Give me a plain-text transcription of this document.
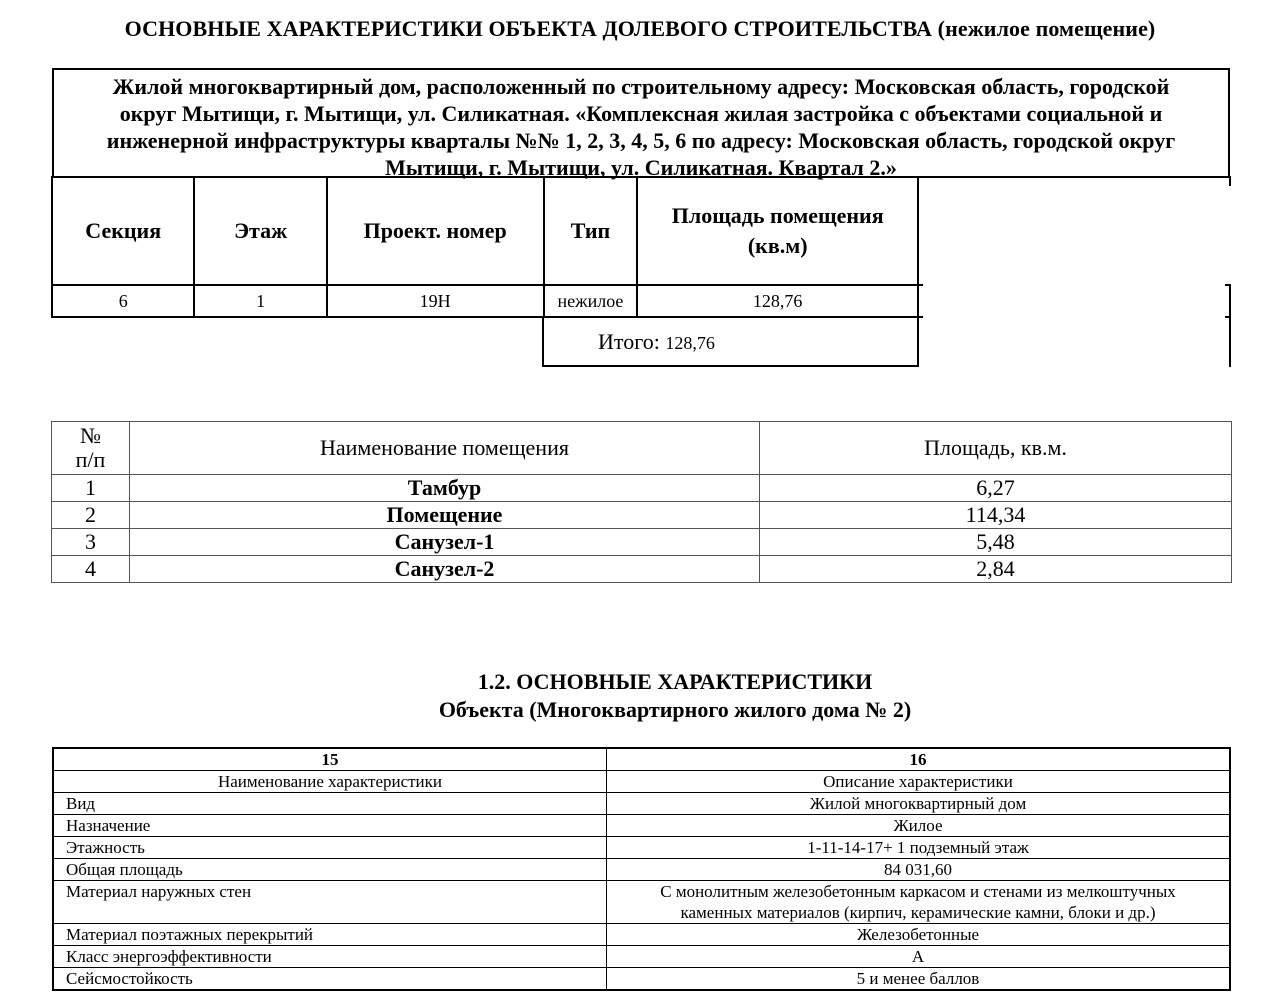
ОСНОВНЫЕ ХАРАКТЕРИСТИКИ ОБЪЕКТА ДОЛЕВОГО СТРОИТЕЛЬСТВА (нежилое помещение)
Жилой многоквартирный дом, расположенный по строительному адресу: Московская область, городской
округ Мытищи, г. Мытищи, ул. Силикатная. «Комплексная жилая застройка с объектами социальной и
инженерной инфраструктуры кварталы №№ 1, 2, 3, 4, 5, 6 по адресу: Московская область, городской округ
Мытищи, г. Мытищи, ул. Силикатная. Квартал 2.»
Секция	Этаж	Проект. номер	Тип	Площадь помещения
(кв.м)

6	1	19Н	нежилое	128,76
Итого: 128,76
№
п/п	Наименование помещения	Площадь, кв.м.
1	Тамбур	6,27
2	Помещение	114,34
3	Санузел-1	5,48
4	Санузел-2	2,84
1.2. ОСНОВНЫЕ ХАРАКТЕРИСТИКИ
Объекта (Многоквартирного жилого дома № 2)
15	16
Наименование характеристики	Описание характеристики
Вид	Жилой многоквартирный дом
Назначение	Жилое
Этажность	1-11-14-17+ 1 подземный этаж
Общая площадь	84 031,60
Материал наружных стен	С монолитным железобетонным каркасом и стенами из мелкоштучных
каменных материалов (кирпич, керамические камни, блоки и др.)

Материал поэтажных перекрытий	Железобетонные
Класс энергоэффективности	А
Сейсмостойкость	5 и менее баллов
